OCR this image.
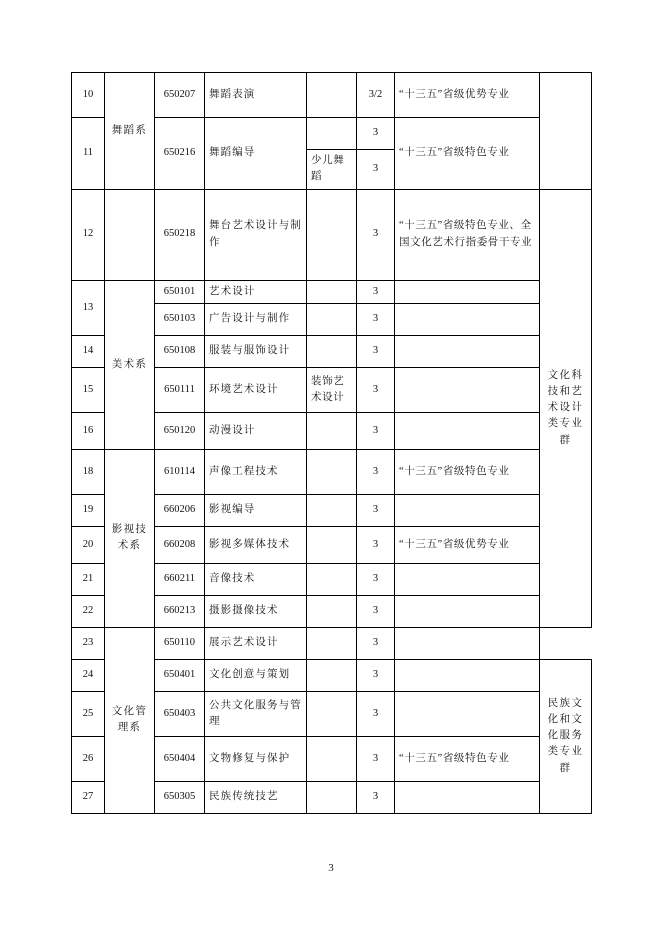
10	舞蹈系	650207	舞蹈表演		3/2	“十三五”省级优势专业	
11		650216	舞蹈编导		3	“十三五”省级特色专业	
				少儿舞蹈	3		
12		650218	舞台艺术设计与制作		3	“十三五”省级特色专业、全国文化艺术行指委骨干专业	文化科技和艺术设计类专业群
13	美术系	650101	艺术设计		3		
		650103	广告设计与制作		3		
14		650108	服装与服饰设计		3		
15		650111	环境艺术设计	装饰艺术设计	3		
16		650120	动漫设计		3		
18	影视技术系	610114	声像工程技术		3	“十三五”省级特色专业	
19		660206	影视编导		3		
20		660208	影视多媒体技术		3	“十三五”省级优势专业	
21		660211	音像技术		3		
22		660213	摄影摄像技术		3		
23	文化管理系	650110	展示艺术设计		3		
24		650401	文化创意与策划		3		民族文化和文化服务类专业群
25		650403	公共文化服务与管理		3		
26		650404	文物修复与保护		3	“十三五”省级特色专业	
27		650305	民族传统技艺		3		
3
